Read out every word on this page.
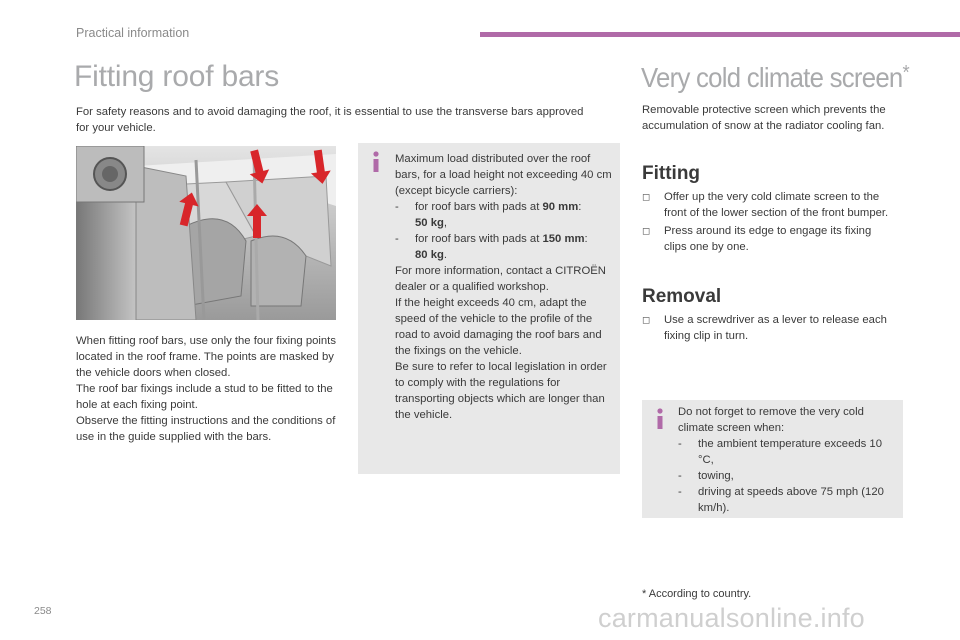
Practical information
Fitting roof bars

For safety reasons and to avoid damaging the roof, it is essential to use the transverse bars approved for your vehicle.

When fitting roof bars, use only the four fixing points located in the roof frame. The points are masked by the vehicle doors when closed.

The roof bar fixings include a stud to be fitted to the hole at each fixing point.

Observe the fitting instructions and the conditions of use in the guide supplied with the bars.

Maximum load distributed over the roof bars, for a load height not exceeding 40 cm (except bicycle carriers):

-	for roof bars with pads at 90 mm:
50 kg,
-	for roof bars with pads at 150 mm:
80 kg.

For more information, contact a CITROËN dealer or a qualified workshop.

If the height exceeds 40 cm, adapt the speed of the vehicle to the profile of the road to avoid damaging the roof bars and the fixings on the vehicle.

Be sure to refer to local legislation in order to comply with the regulations for transporting objects which are longer than the vehicle.

Very cold climate screen*

Removable protective screen which prevents the accumulation of snow at the radiator cooling fan.

Fitting
◻	Offer up the very cold climate screen to the front of the lower section of the front bumper.
◻	Press around its edge to engage its fixing clips one by one.
Removal
◻	Use a screwdriver as a lever to release each fixing clip in turn.

Do not forget to remove the very cold climate screen when:

-	the ambient temperature exceeds 10 °C,
-	towing,
-	driving at speeds above 75 mph (120 km/h).
* According to country.
258	carmanualsonline.info
